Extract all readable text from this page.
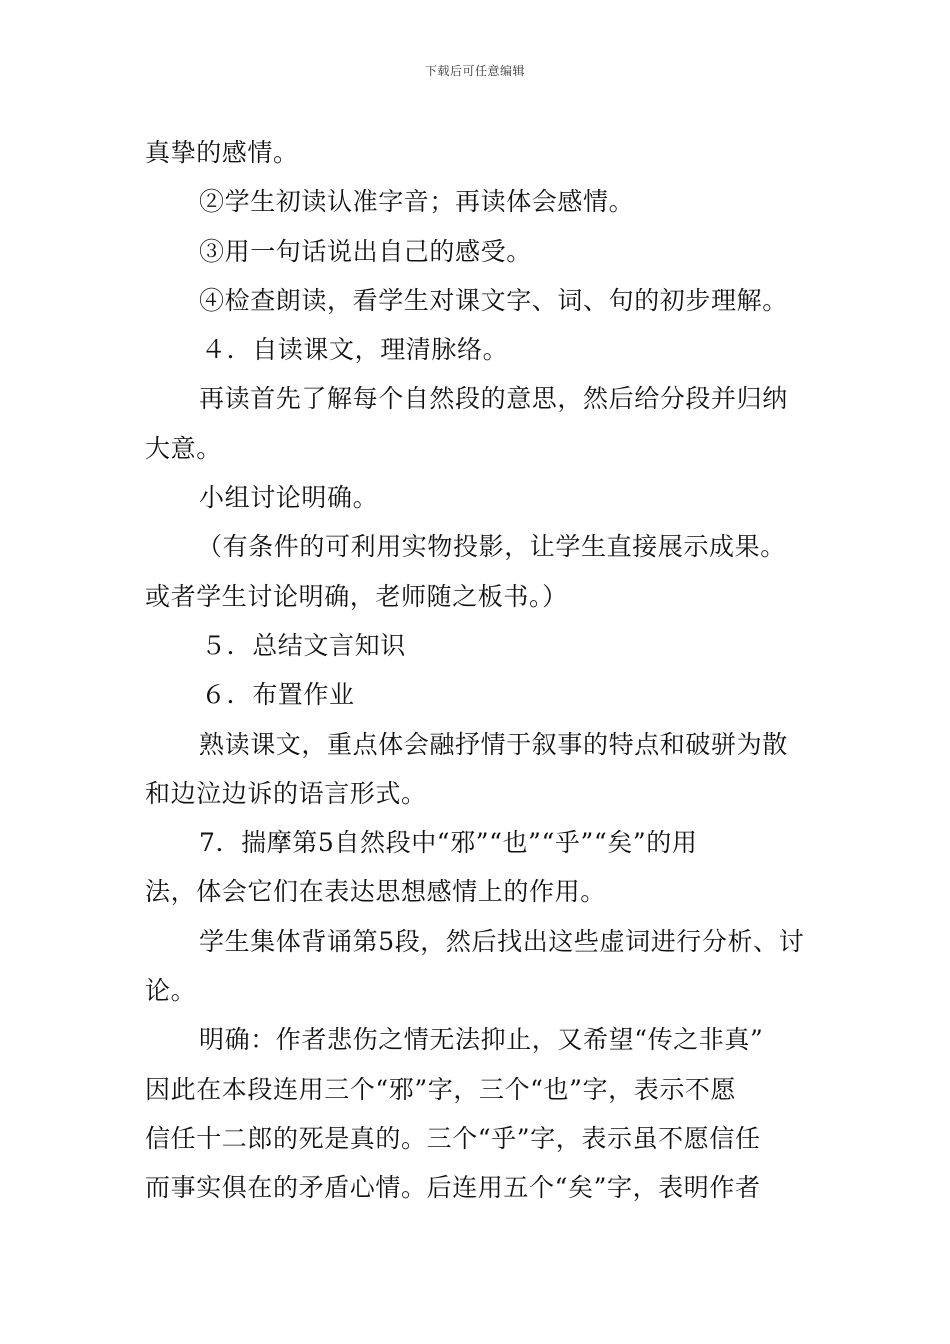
下载后可任意编辑
真挚的感情。
②学生初读认准字音；再读体会感情。
③用一句话说出自己的感受。
④检查朗读，看学生对课文字、词、句的初步理解。
４．自读课文，理清脉络。
再读首先了解每个自然段的意思，然后给分段并归纳
大意。
小组讨论明确。
（有条件的可利用实物投影，让学生直接展示成果。
或者学生讨论明确，老师随之板书。）
５．总结文言知识
６．布置作业
熟读课文，重点体会融抒情于叙事的特点和破骈为散
和边泣边诉的语言形式。
7．揣摩第5自然段中“邪”“也”“乎”“矣”的用
法，体会它们在表达思想感情上的作用。
学生集体背诵第5段，然后找出这些虚词进行分析、讨
论。
明确：作者悲伤之情无法抑止，又希望“传之非真”
因此在本段连用三个“邪”字，三个“也”字，表示不愿
信任十二郎的死是真的。三个“乎”字，表示虽不愿信任
而事实俱在的矛盾心情。后连用五个“矣”字，表明作者
